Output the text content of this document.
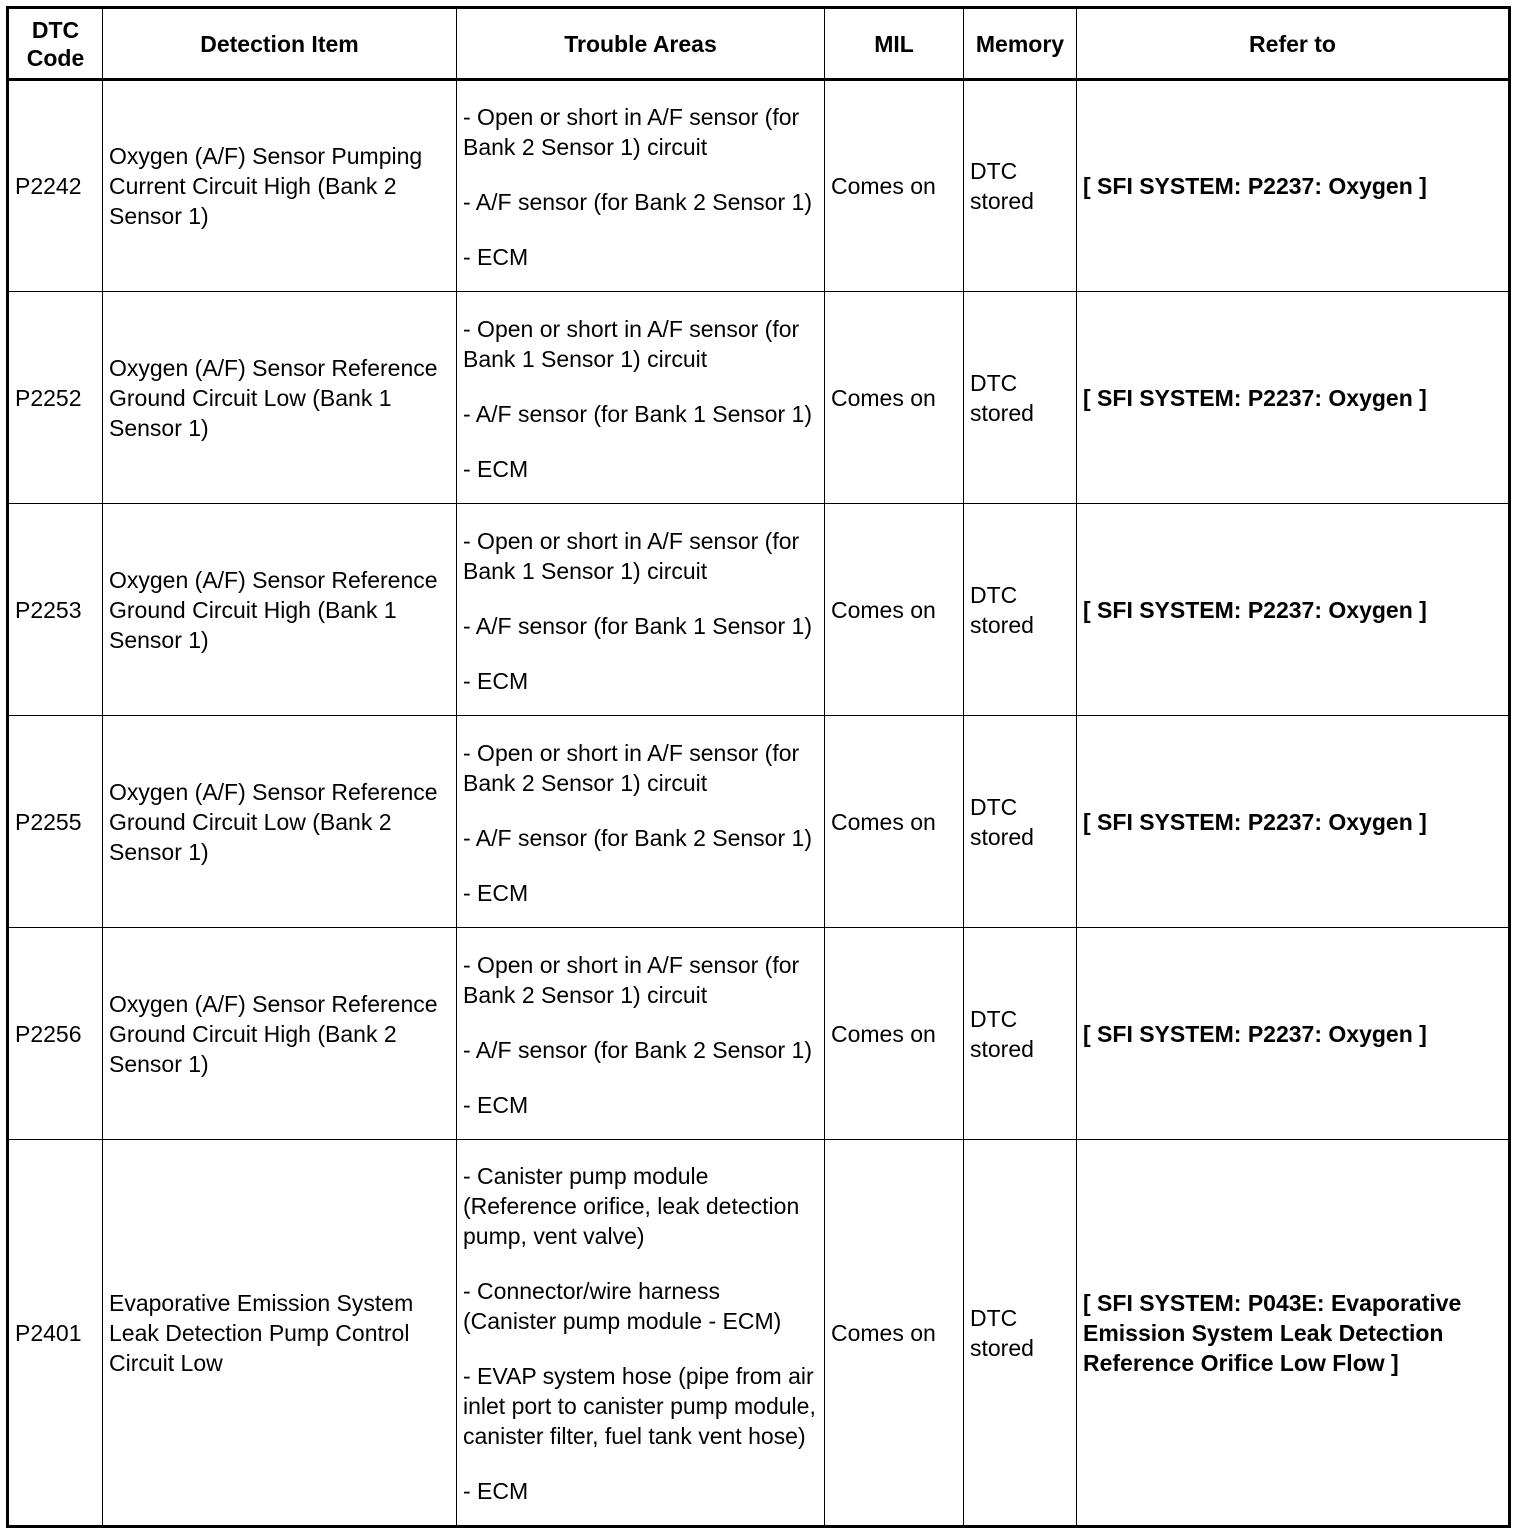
DTC
Code	Detection Item	Trouble Areas	MIL	Memory	Refer to
P2242	Oxygen (A/F) Sensor Pumping Current Circuit High (Bank 2 Sensor 1)	- Open or short in A/F sensor (for Bank 2 Sensor 1) circuit
- A/F sensor (for Bank 2 Sensor 1)
- ECM	Comes on	DTC stored	[ SFI SYSTEM: P2237: Oxygen ]
P2252	Oxygen (A/F) Sensor Reference Ground Circuit Low (Bank 1 Sensor 1)	- Open or short in A/F sensor (for Bank 1 Sensor 1) circuit
- A/F sensor (for Bank 1 Sensor 1)
- ECM	Comes on	DTC stored	[ SFI SYSTEM: P2237: Oxygen ]
P2253	Oxygen (A/F) Sensor Reference Ground Circuit High (Bank 1 Sensor 1)	- Open or short in A/F sensor (for Bank 1 Sensor 1) circuit
- A/F sensor (for Bank 1 Sensor 1)
- ECM	Comes on	DTC stored	[ SFI SYSTEM: P2237: Oxygen ]
P2255	Oxygen (A/F) Sensor Reference Ground Circuit Low (Bank 2 Sensor 1)	- Open or short in A/F sensor (for Bank 2 Sensor 1) circuit
- A/F sensor (for Bank 2 Sensor 1)
- ECM	Comes on	DTC stored	[ SFI SYSTEM: P2237: Oxygen ]
P2256	Oxygen (A/F) Sensor Reference Ground Circuit High (Bank 2 Sensor 1)	- Open or short in A/F sensor (for Bank 2 Sensor 1) circuit
- A/F sensor (for Bank 2 Sensor 1)
- ECM	Comes on	DTC stored	[ SFI SYSTEM: P2237: Oxygen ]
P2401	Evaporative Emission System Leak Detection Pump Control Circuit Low	- Canister pump module (Reference orifice, leak detection pump, vent valve)
- Connector/wire harness (Canister pump module - ECM)
- EVAP system hose (pipe from air inlet port to canister pump module, canister filter, fuel tank vent hose)
- ECM	Comes on	DTC stored	[ SFI SYSTEM: P043E: Evaporative Emission System Leak Detection Reference Orifice Low Flow ]
